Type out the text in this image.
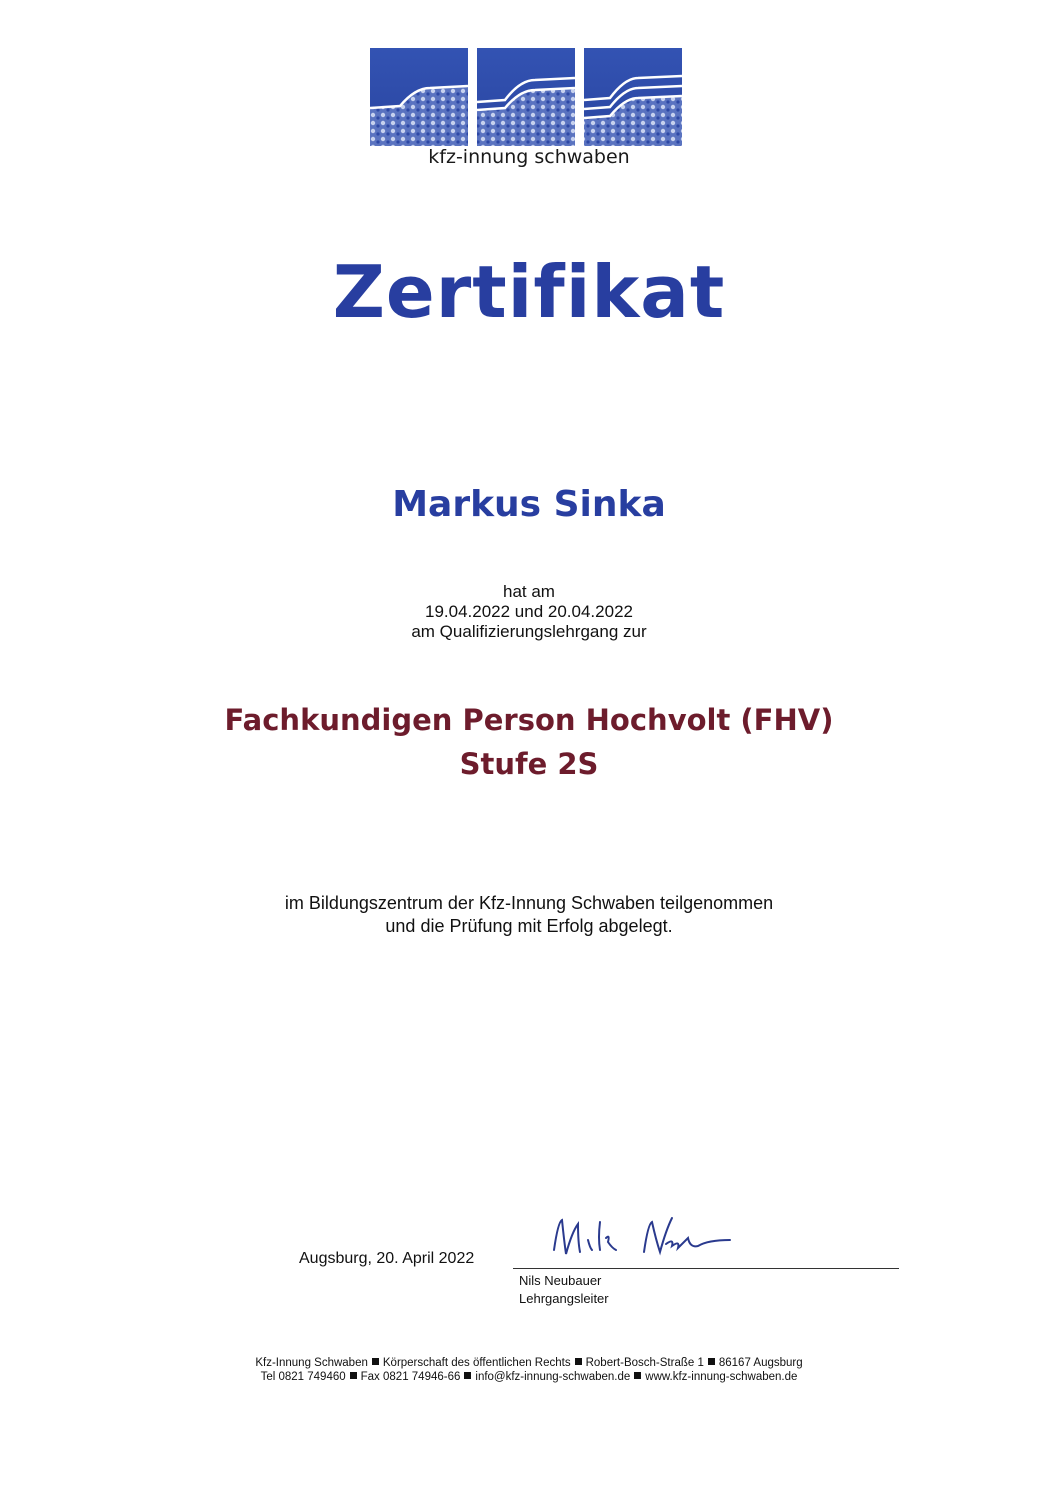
kfz-innung schwaben
Zertifikat
Markus Sinka
hat am
19.04.2022 und 20.04.2022
am Qualifizierungslehrgang zur
Fachkundigen Person Hochvolt (FHV)
Stufe 2S
im Bildungszentrum der Kfz-Innung Schwaben teilgenommen
und die Prüfung mit Erfolg abgelegt.
Augsburg, 20. April 2022
Nils Neubauer
Lehrgangsleiter
Kfz-Innung Schwaben Körperschaft des öffentlichen Rechts Robert-Bosch-Straße 1 86167 Augsburg
Tel 0821 749460 Fax 0821 74946-66 info@kfz-innung-schwaben.de www.kfz-innung-schwaben.de
